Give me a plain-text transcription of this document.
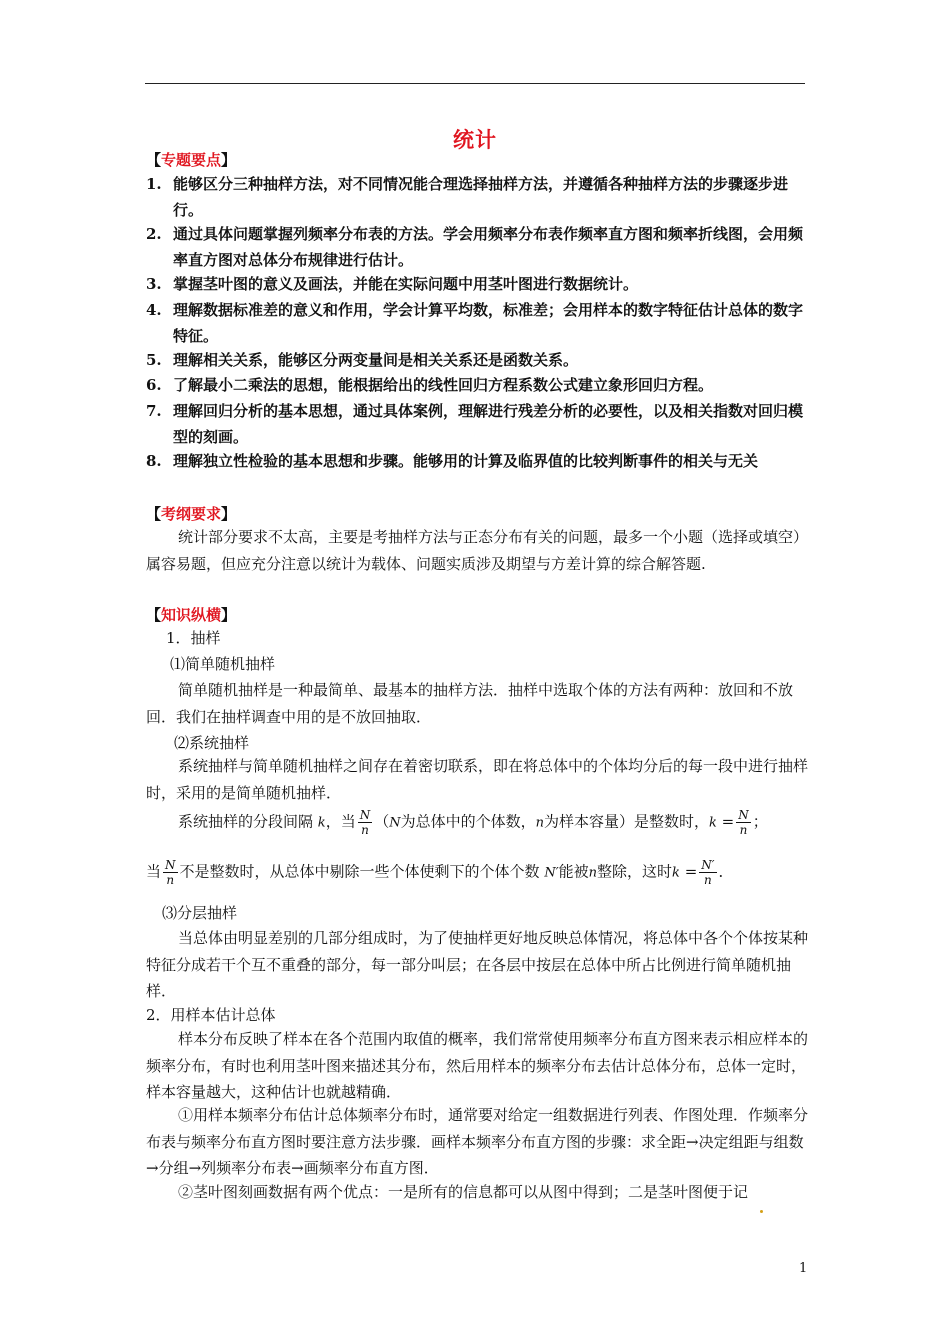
统计
【专题要点】
1. 能够区分三种抽样方法，对不同情况能合理选择抽样方法，并遵循各种抽样方法的步骤逐步进行。
2. 通过具体问题掌握列频率分布表的方法。学会用频率分布表作频率直方图和频率折线图，会用频率直方图对总体分布规律进行估计。
3. 掌握茎叶图的意义及画法，并能在实际问题中用茎叶图进行数据统计。
4. 理解数据标准差的意义和作用，学会计算平均数，标准差；会用样本的数字特征估计总体的数字特征。
5. 理解相关关系，能够区分两变量间是相关关系还是函数关系。
6. 了解最小二乘法的思想，能根据给出的线性回归方程系数公式建立象形回归方程。
7. 理解回归分析的基本思想，通过具体案例，理解进行残差分析的必要性，以及相关指数对回归模型的刻画。
8. 理解独立性检验的基本思想和步骤。能够用的计算及临界值的比较判断事件的相关与无关
【考纲要求】
统计部分要求不太高，主要是考抽样方法与正态分布有关的问题，最多一个小题（选择或填空）属容易题，但应充分注意以统计为载体、问题实质涉及期望与方差计算的综合解答题.
【知识纵横】
1．抽样
⑴简单随机抽样
简单随机抽样是一种最简单、最基本的抽样方法．抽样中选取个体的方法有两种：放回和不放回．我们在抽样调查中用的是不放回抽取．
⑵系统抽样
系统抽样与简单随机抽样之间存在着密切联系，即在将总体中的个体均分后的每一段中进行抽样时，采用的是简单随机抽样．
系统抽样的分段间隔 k，当 $\frac{N}{n} (N$为总体中的个体数，n为样本容量）是整数时，$k = \frac{N}{n}$ ；
当 $\frac{N}{n}$ 不是整数时，从总体中剔除一些个体使剩下的个体个数 N′能被n整除，这时$k = \frac{N'}{n}$ ．
⑶分层抽样
当总体由明显差别的几部分组成时，为了使抽样更好地反映总体情况，将总体中各个个体按某种特征分成若干个互不重叠的部分，每一部分叫层；在各层中按层在总体中所占比例进行简单随机抽样．
2．用样本估计总体
样本分布反映了样本在各个范围内取值的概率，我们常常使用频率分布直方图来表示相应样本的频率分布，有时也利用茎叶图来描述其分布，然后用样本的频率分布去估计总体分布，总体一定时，样本容量越大，这种估计也就越精确．
①用样本频率分布估计总体频率分布时，通常要对给定一组数据进行列表、作图处理．作频率分布表与频率分布直方图时要注意方法步骤．画样本频率分布直方图的步骤：求全距→决定组距与组数→分组→列频率分布表→画频率分布直方图．
②茎叶图刻画数据有两个优点：一是所有的信息都可以从图中得到；二是茎叶图便于记
1
